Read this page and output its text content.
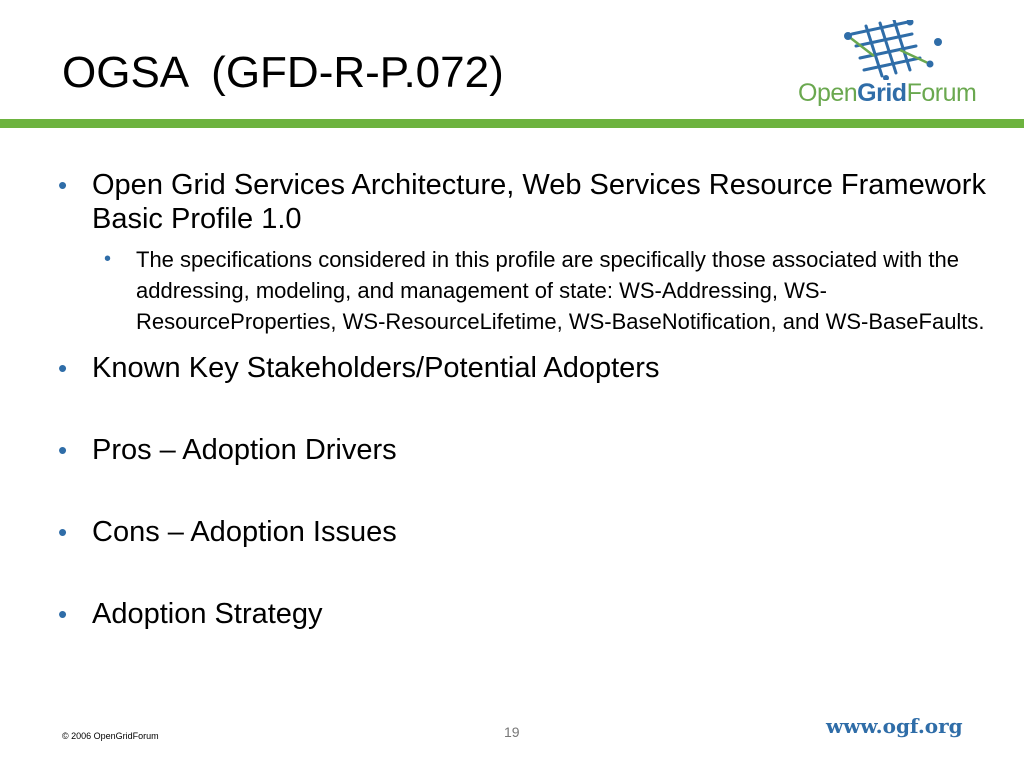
OGSA  (GFD-R-P.072)	OpenGridForum
• Open Grid Services Architecture, Web Services Resource Framework Basic Profile 1.0
• The specifications considered in this profile are specifically those associated with the addressing, modeling, and management of state: WS-Addressing, WS-ResourceProperties, WS-ResourceLifetime, WS-BaseNotification, and WS-BaseFaults.
• Known Key Stakeholders/Potential Adopters
• Pros – Adoption Drivers
• Cons – Adoption Issues
• Adoption Strategy
© 2006 OpenGridForum	19	www.ogf.org
